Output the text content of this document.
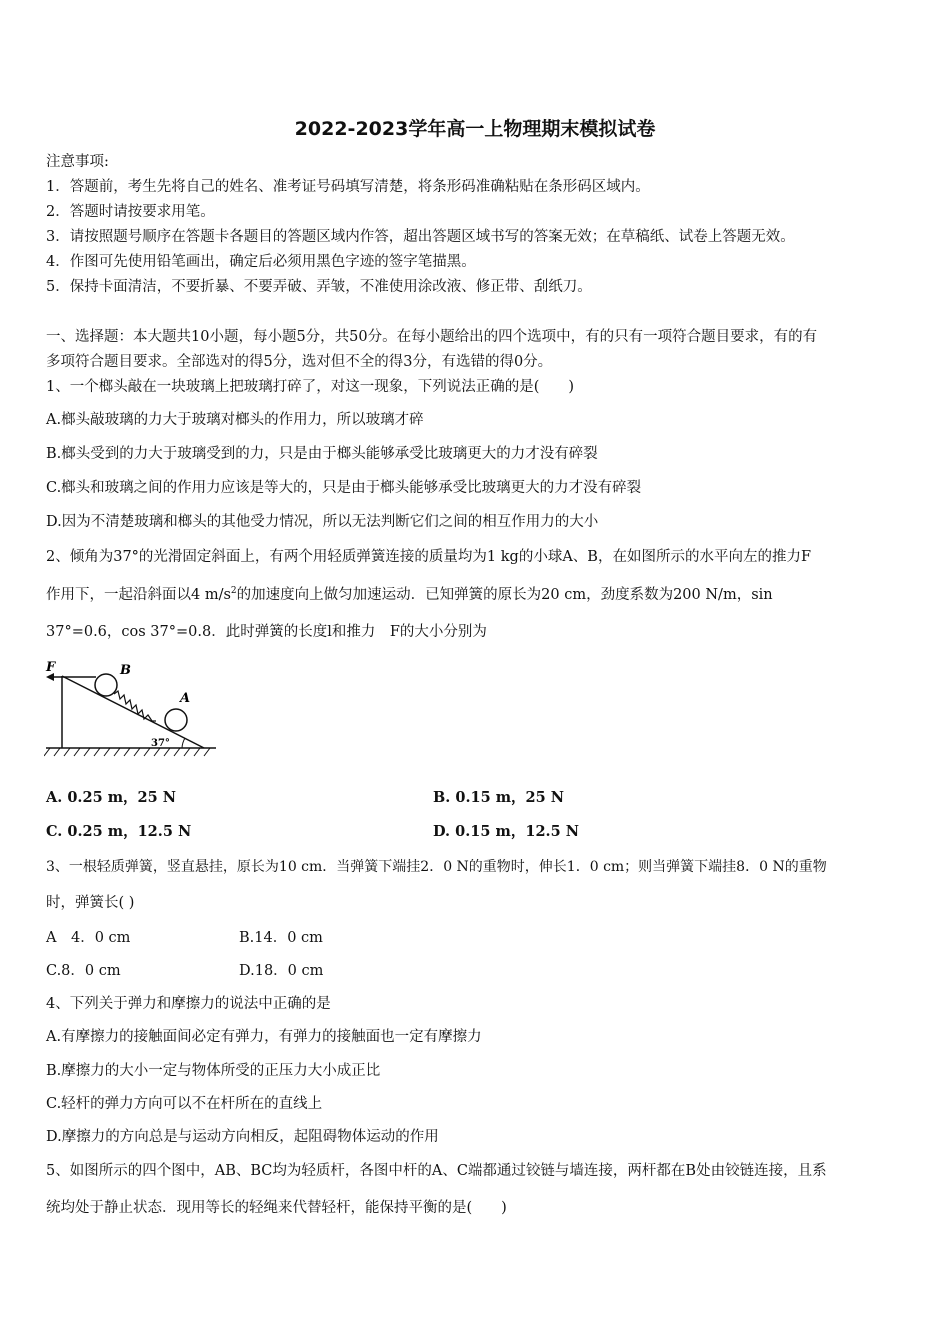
2022-2023学年高一上物理期末模拟试卷
注意事项:
1．答题前，考生先将自己的姓名、准考证号码填写清楚，将条形码准确粘贴在条形码区域内。
2．答题时请按要求用笔。
3．请按照题号顺序在答题卡各题目的答题区域内作答，超出答题区域书写的答案无效；在草稿纸、试卷上答题无效。
4．作图可先使用铅笔画出，确定后必须用黑色字迹的签字笔描黑。
5．保持卡面清洁，不要折暴、不要弄破、弄皱，不准使用涂改液、修正带、刮纸刀。
一、选择题：本大题共10小题，每小题5分，共50分。在每小题给出的四个选项中，有的只有一项符合题目要求，有的有
多项符合题目要求。全部选对的得5分，选对但不全的得3分，有选错的得0分。
1、一个榔头敲在一块玻璃上把玻璃打碎了，对这一现象，下列说法正确的是(　　)
A.榔头敲玻璃的力大于玻璃对榔头的作用力，所以玻璃才碎
B.榔头受到的力大于玻璃受到的力，只是由于榔头能够承受比玻璃更大的力才没有碎裂
C.榔头和玻璃之间的作用力应该是等大的，只是由于榔头能够承受比玻璃更大的力才没有碎裂
D.因为不清楚玻璃和榔头的其他受力情况，所以无法判断它们之间的相互作用力的大小
2、倾角为37°的光滑固定斜面上，有两个用轻质弹簧连接的质量均为1 kg的小球A、B，在如图所示的水平向左的推力F
作用下，一起沿斜面以4 $m/s^2$的加速度向上做匀加速运动．已知弹簧的原长为20 cm，劲度系数为200 N/m，sin
37°=0.6，cos 37°=0.8．此时弹簧的长度l和推力　F的大小分别为
F	B
A
37°
A. 0.25 m，25 N	B. 0.15 m，25 N
C. 0.25 m，12.5 N	D. 0.15 m，12.5 N
3、一根轻质弹簧，竖直悬挂，原长为10 cm．当弹簧下端挂2．0 N的重物时，伸长1．0 cm；则当弹簧下端挂8．0 N的重物
时，弹簧长( )
A　4．0 cm	B.14．0 cm
C.8．0 cm	D.18．0 cm
4、下列关于弹力和摩擦力的说法中正确的是
A.有摩擦力的接触面间必定有弹力，有弹力的接触面也一定有摩擦力
B.摩擦力的大小一定与物体所受的正压力大小成正比
C.轻杆的弹力方向可以不在杆所在的直线上
D.摩擦力的方向总是与运动方向相反，起阻碍物体运动的作用
5、如图所示的四个图中，AB、BC均为轻质杆，各图中杆的A、C端都通过铰链与墙连接，两杆都在B处由铰链连接，且系
统均处于静止状态．现用等长的轻绳来代替轻杆，能保持平衡的是(　　)
